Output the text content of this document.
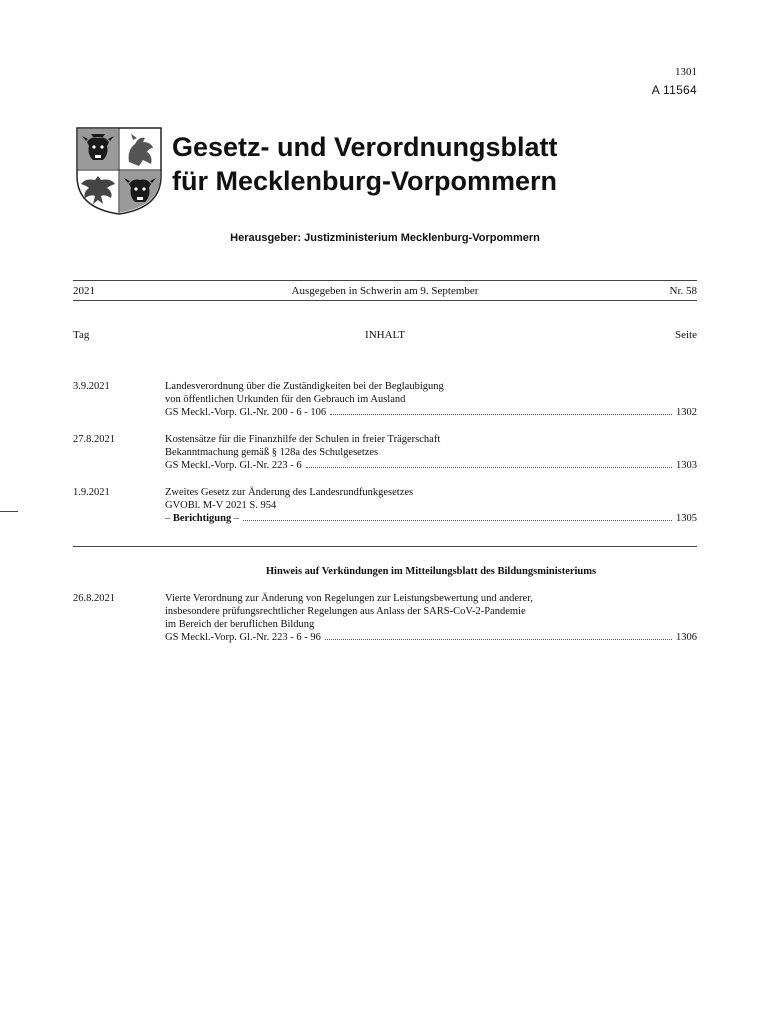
1301
A 11564
Gesetz- und Verordnungsblatt
für Mecklenburg-Vorpommern
Herausgeber: Justizministerium Mecklenburg-Vorpommern
2021	Ausgegeben in Schwerin am 9. September	Nr. 58
Tag	INHALT	Seite
3.9.2021	Landesverordnung über die Zuständigkeiten bei der Beglaubigung
von öffentlichen Urkunden für den Gebrauch im Ausland
GS Meckl.-Vorp. Gl.-Nr. 200 - 6 - 106	1302
27.8.2021	Kostensätze für die Finanzhilfe der Schulen in freier Trägerschaft
Bekanntmachung gemäß § 128a des Schulgesetzes
GS Meckl.-Vorp. Gl.-Nr. 223 - 6	1303
1.9.2021	Zweites Gesetz zur Änderung des Landesrundfunkgesetzes
GVOBl. M-V 2021 S. 954
– Berichtigung –	1305
Hinweis auf Verkündungen im Mitteilungsblatt des Bildungsministeriums
26.8.2021	Vierte Verordnung zur Änderung von Regelungen zur Leistungsbewertung und anderer,
insbesondere prüfungsrechtlicher Regelungen aus Anlass der SARS-CoV-2-Pandemie
im Bereich der beruflichen Bildung
GS Meckl.-Vorp. Gl.-Nr. 223 - 6 - 96	1306
